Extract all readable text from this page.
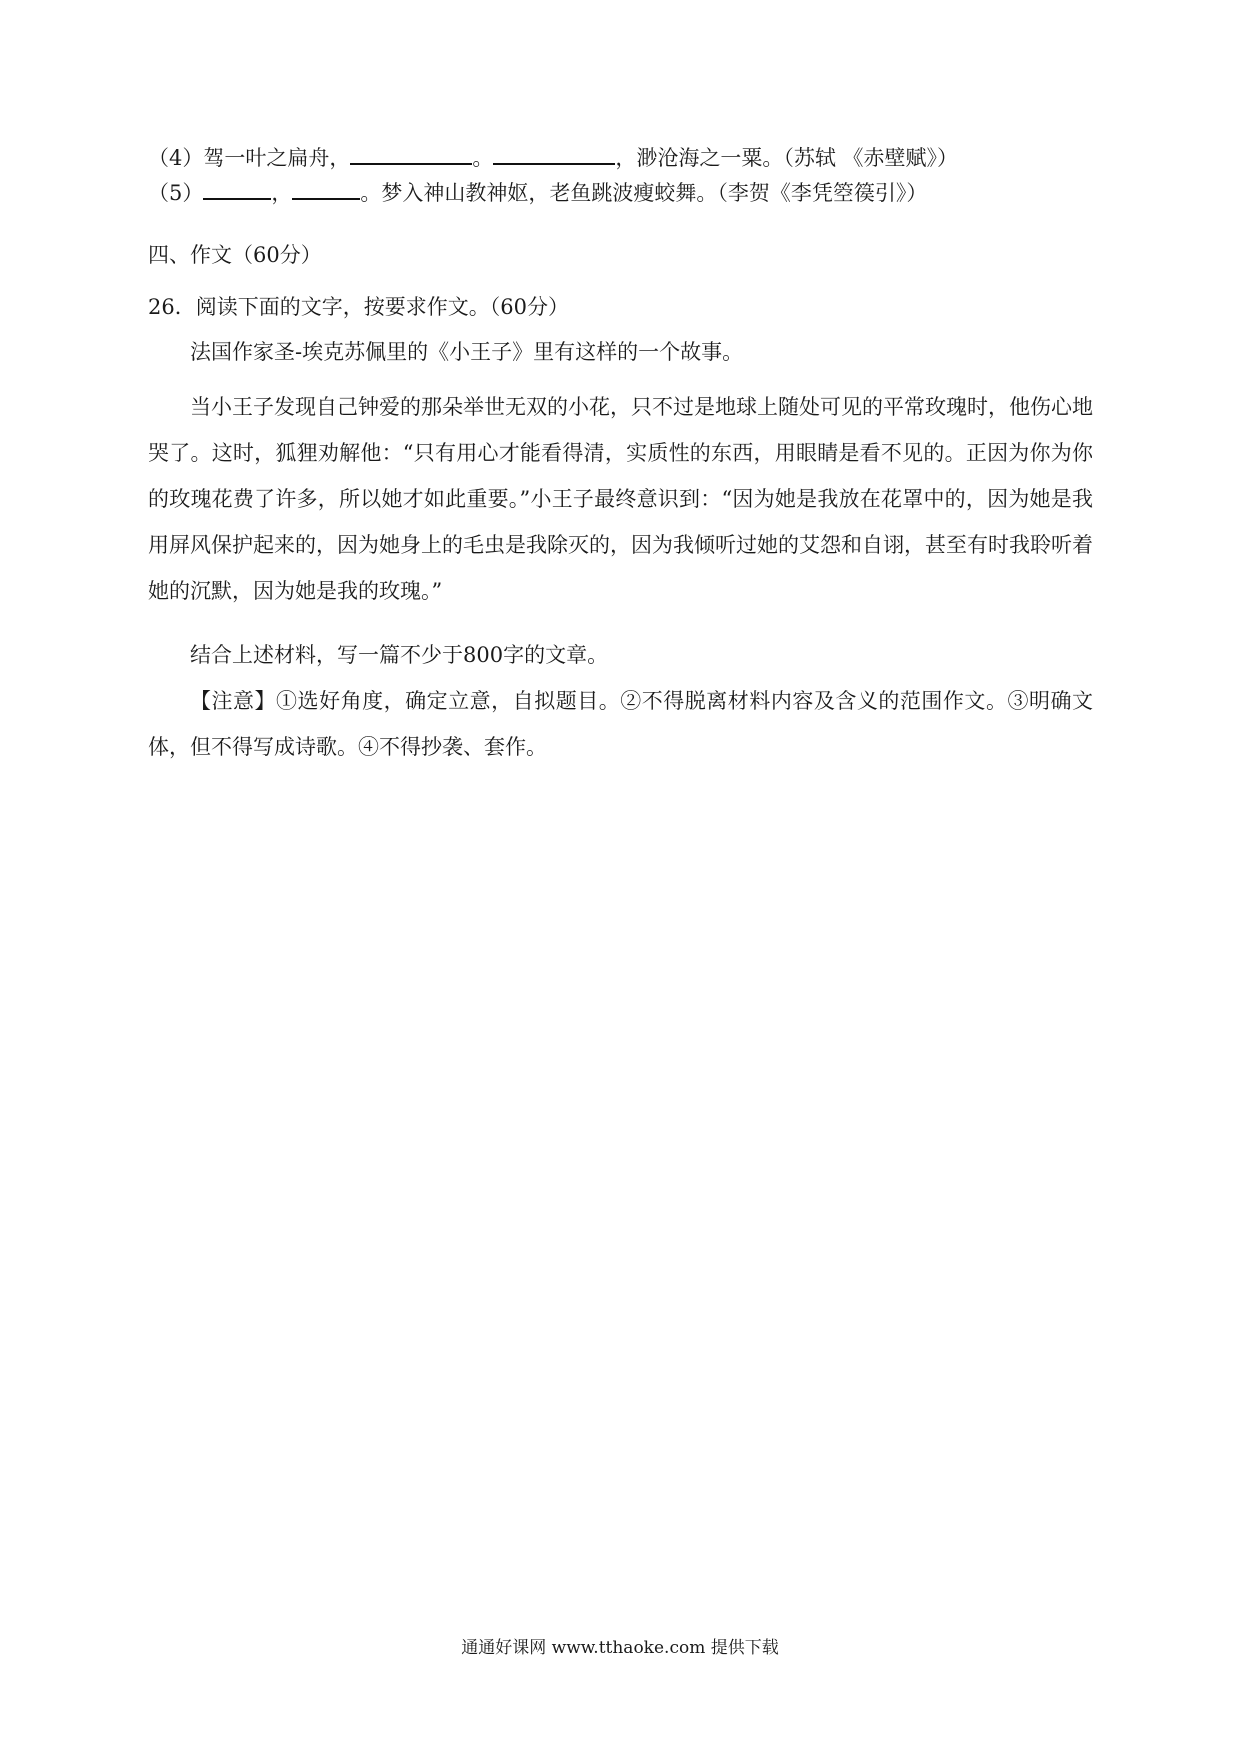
（4）驾一叶之扁舟，	。	，渺沧海之一粟。（苏轼 《赤壁赋》）
（5）	，	。梦入神山教神妪，老鱼跳波瘦蛟舞。（李贺《李凭箜篌引》）
四、作文（60分）
26．阅读下面的文字，按要求作文。（60分）
法国作家圣-埃克苏佩里的《小王子》里有这样的一个故事。
当小王子发现自己钟爱的那朵举世无双的小花，只不过是地球上随处可见的平常玫瑰时，他伤心地哭了。这时，狐狸劝解他：“只有用心才能看得清，实质性的东西，用眼睛是看不见的。正因为你为你的玫瑰花费了许多，所以她才如此重要。”小王子最终意识到：“因为她是我放在花罩中的，因为她是我用屏风保护起来的，因为她身上的毛虫是我除灭的，因为我倾听过她的艾怨和自诩，甚至有时我聆听着她的沉默，因为她是我的玫瑰。”
结合上述材料，写一篇不少于800字的文章。
【注意】①选好角度，确定立意，自拟题目。②不得脱离材料内容及含义的范围作文。③明确文体，但不得写成诗歌。④不得抄袭、套作。
通通好课网 www.tthaoke.com 提供下载
